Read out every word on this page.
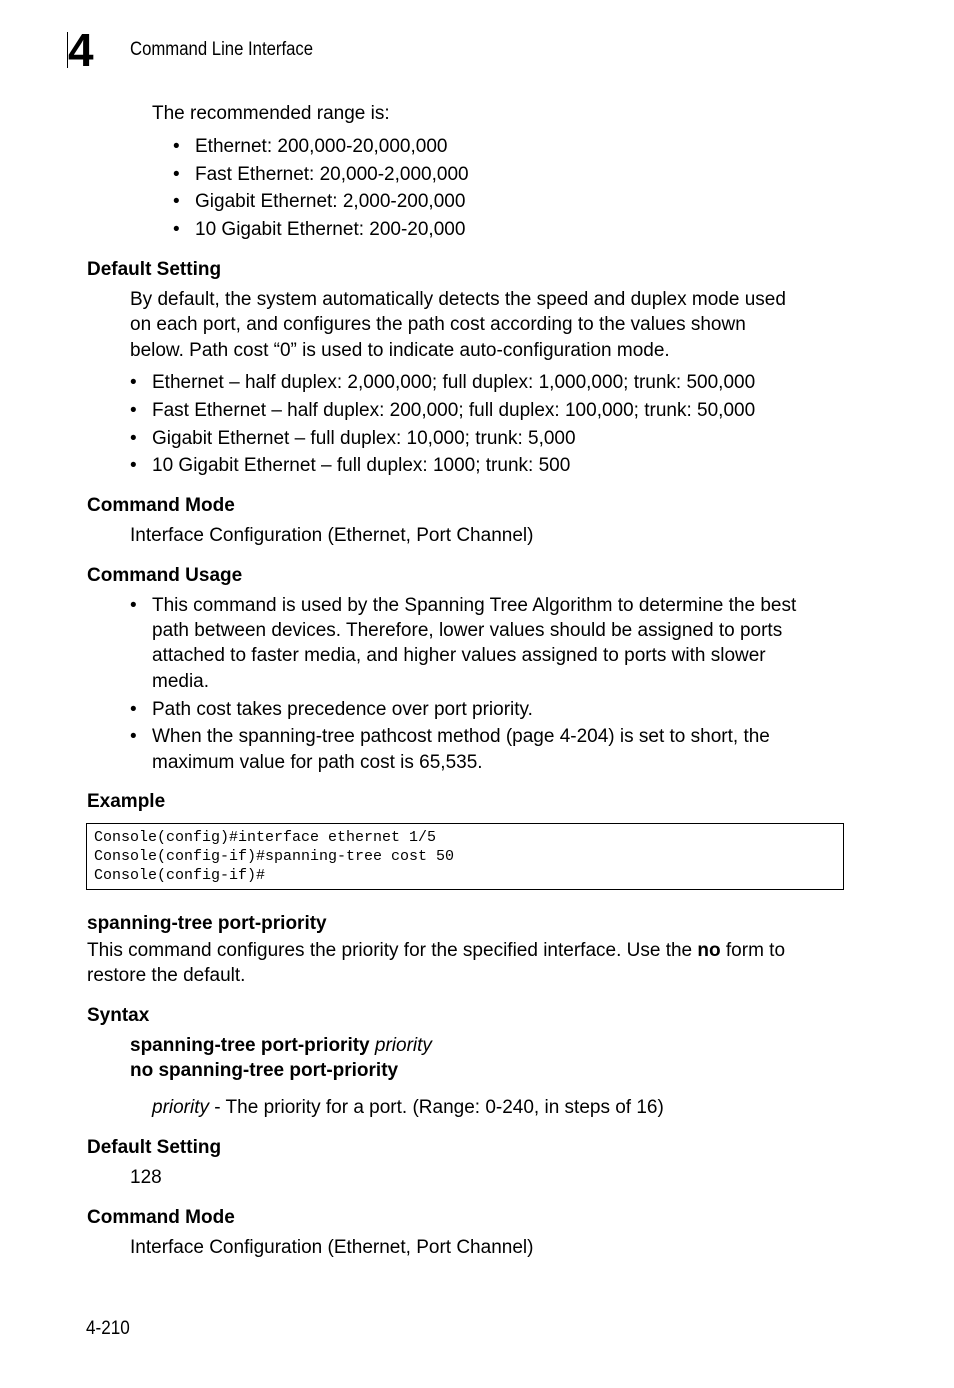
4	Command Line Interface
The recommended range is:
• Ethernet: 200,000-20,000,000
• Fast Ethernet: 20,000-2,000,000
• Gigabit Ethernet: 2,000-200,000
• 10 Gigabit Ethernet: 200-20,000
Default Setting
By default, the system automatically detects the speed and duplex mode used
on each port, and configures the path cost according to the values shown
below. Path cost “0” is used to indicate auto-configuration mode.
• Ethernet – half duplex: 2,000,000; full duplex: 1,000,000; trunk: 500,000
• Fast Ethernet – half duplex: 200,000; full duplex: 100,000; trunk: 50,000
• Gigabit Ethernet – full duplex: 10,000; trunk: 5,000
• 10 Gigabit Ethernet – full duplex: 1000; trunk: 500
Command Mode
Interface Configuration (Ethernet, Port Channel)
Command Usage
• This command is used by the Spanning Tree Algorithm to determine the best
path between devices. Therefore, lower values should be assigned to ports
attached to faster media, and higher values assigned to ports with slower
media.
• Path cost takes precedence over port priority.
• When the spanning-tree pathcost method (page 4-204) is set to short, the
maximum value for path cost is 65,535.
Example
Console(config)#interface ethernet 1/5
Console(config-if)#spanning-tree cost 50
Console(config-if)#
spanning-tree port-priority
This command configures the priority for the specified interface. Use the no form to
restore the default.
Syntax
spanning-tree port-priority priority
no spanning-tree port-priority
priority - The priority for a port. (Range: 0-240, in steps of 16)
Default Setting
128
Command Mode
Interface Configuration (Ethernet, Port Channel)
4-210
